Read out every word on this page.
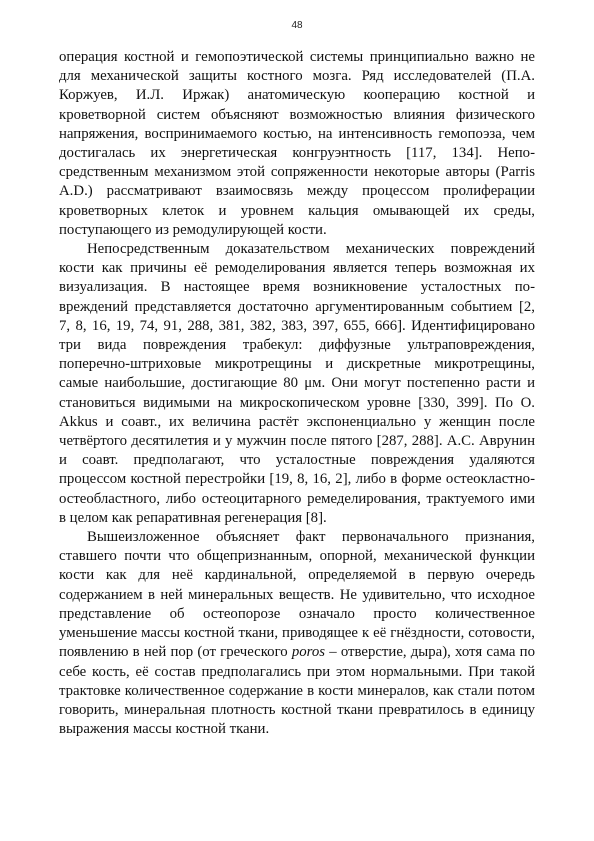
48

операция костной и гемопоэтической системы принципиально важно не для механической защиты костного мозга. Ряд исследователей (П.А. Коржуев, И.Л. Иржак) анатомическую кооперацию костной и кроветворной систем объясняют возможностью влияния физического напряжения, воспринимаемого костью, на интенсивность гемопоэза, чем достигалась их энергетическая конгруэнтность [117, 134]. Непосредственным механизмом этой сопряженности некоторые авторы (Parris A.D.) рассматривают взаимосвязь между процессом пролиферации кроветворных клеток и уровнем кальция омывающей их среды, поступающего из ремодулирующей кости.

Непосредственным доказательством механических повреждений кости как причины её ремоделирования является теперь возможная их визуализация. В настоящее время возникновение усталостных повреждений представляется достаточно аргументированным событием [2, 7, 8, 16, 19, 74, 91, 288, 381, 382, 383, 397, 655, 666]. Идентифицировано три вида повреждения трабекул: диффузные ультраповреждения, поперечно-штриховые микротрещины и дискретные микротрещины, самые наибольшие, достигающие 80 μм. Они могут постепенно расти и становиться видимыми на микроскопическом уровне [330, 399]. По O. Akkus и соавт., их величина растёт экспоненциально у женщин после четвёртого десятилетия и у мужчин после пятого [287, 288]. А.С. Аврунин и соавт. предполагают, что усталостные повреждения удаляются процессом костной перестройки [19, 8, 16, 2], либо в форме остеокластно-остеобластного, либо остеоцитарного ремеделирования, трактуемого ими в целом как репаративная регенерация [8].

Вышеизложенное объясняет факт первоначального признания, ставшего почти что общепризнанным, опорной, механической функции кости как для неё кардинальной, определяемой в первую очередь содержанием в ней минеральных веществ. Не удивительно, что исходное представление об остеопорозе означало просто количественное уменьшение массы костной ткани, приводящее к её гнёздности, сотовости, появлению в ней пор (от греческого poros – отверстие, дыра), хотя сама по себе кость, её состав предполагались при этом нормальными. При такой трактовке количественное содержание в кости минералов, как стали потом говорить, минеральная плотность костной ткани превратилось в единицу выражения массы костной ткани.
